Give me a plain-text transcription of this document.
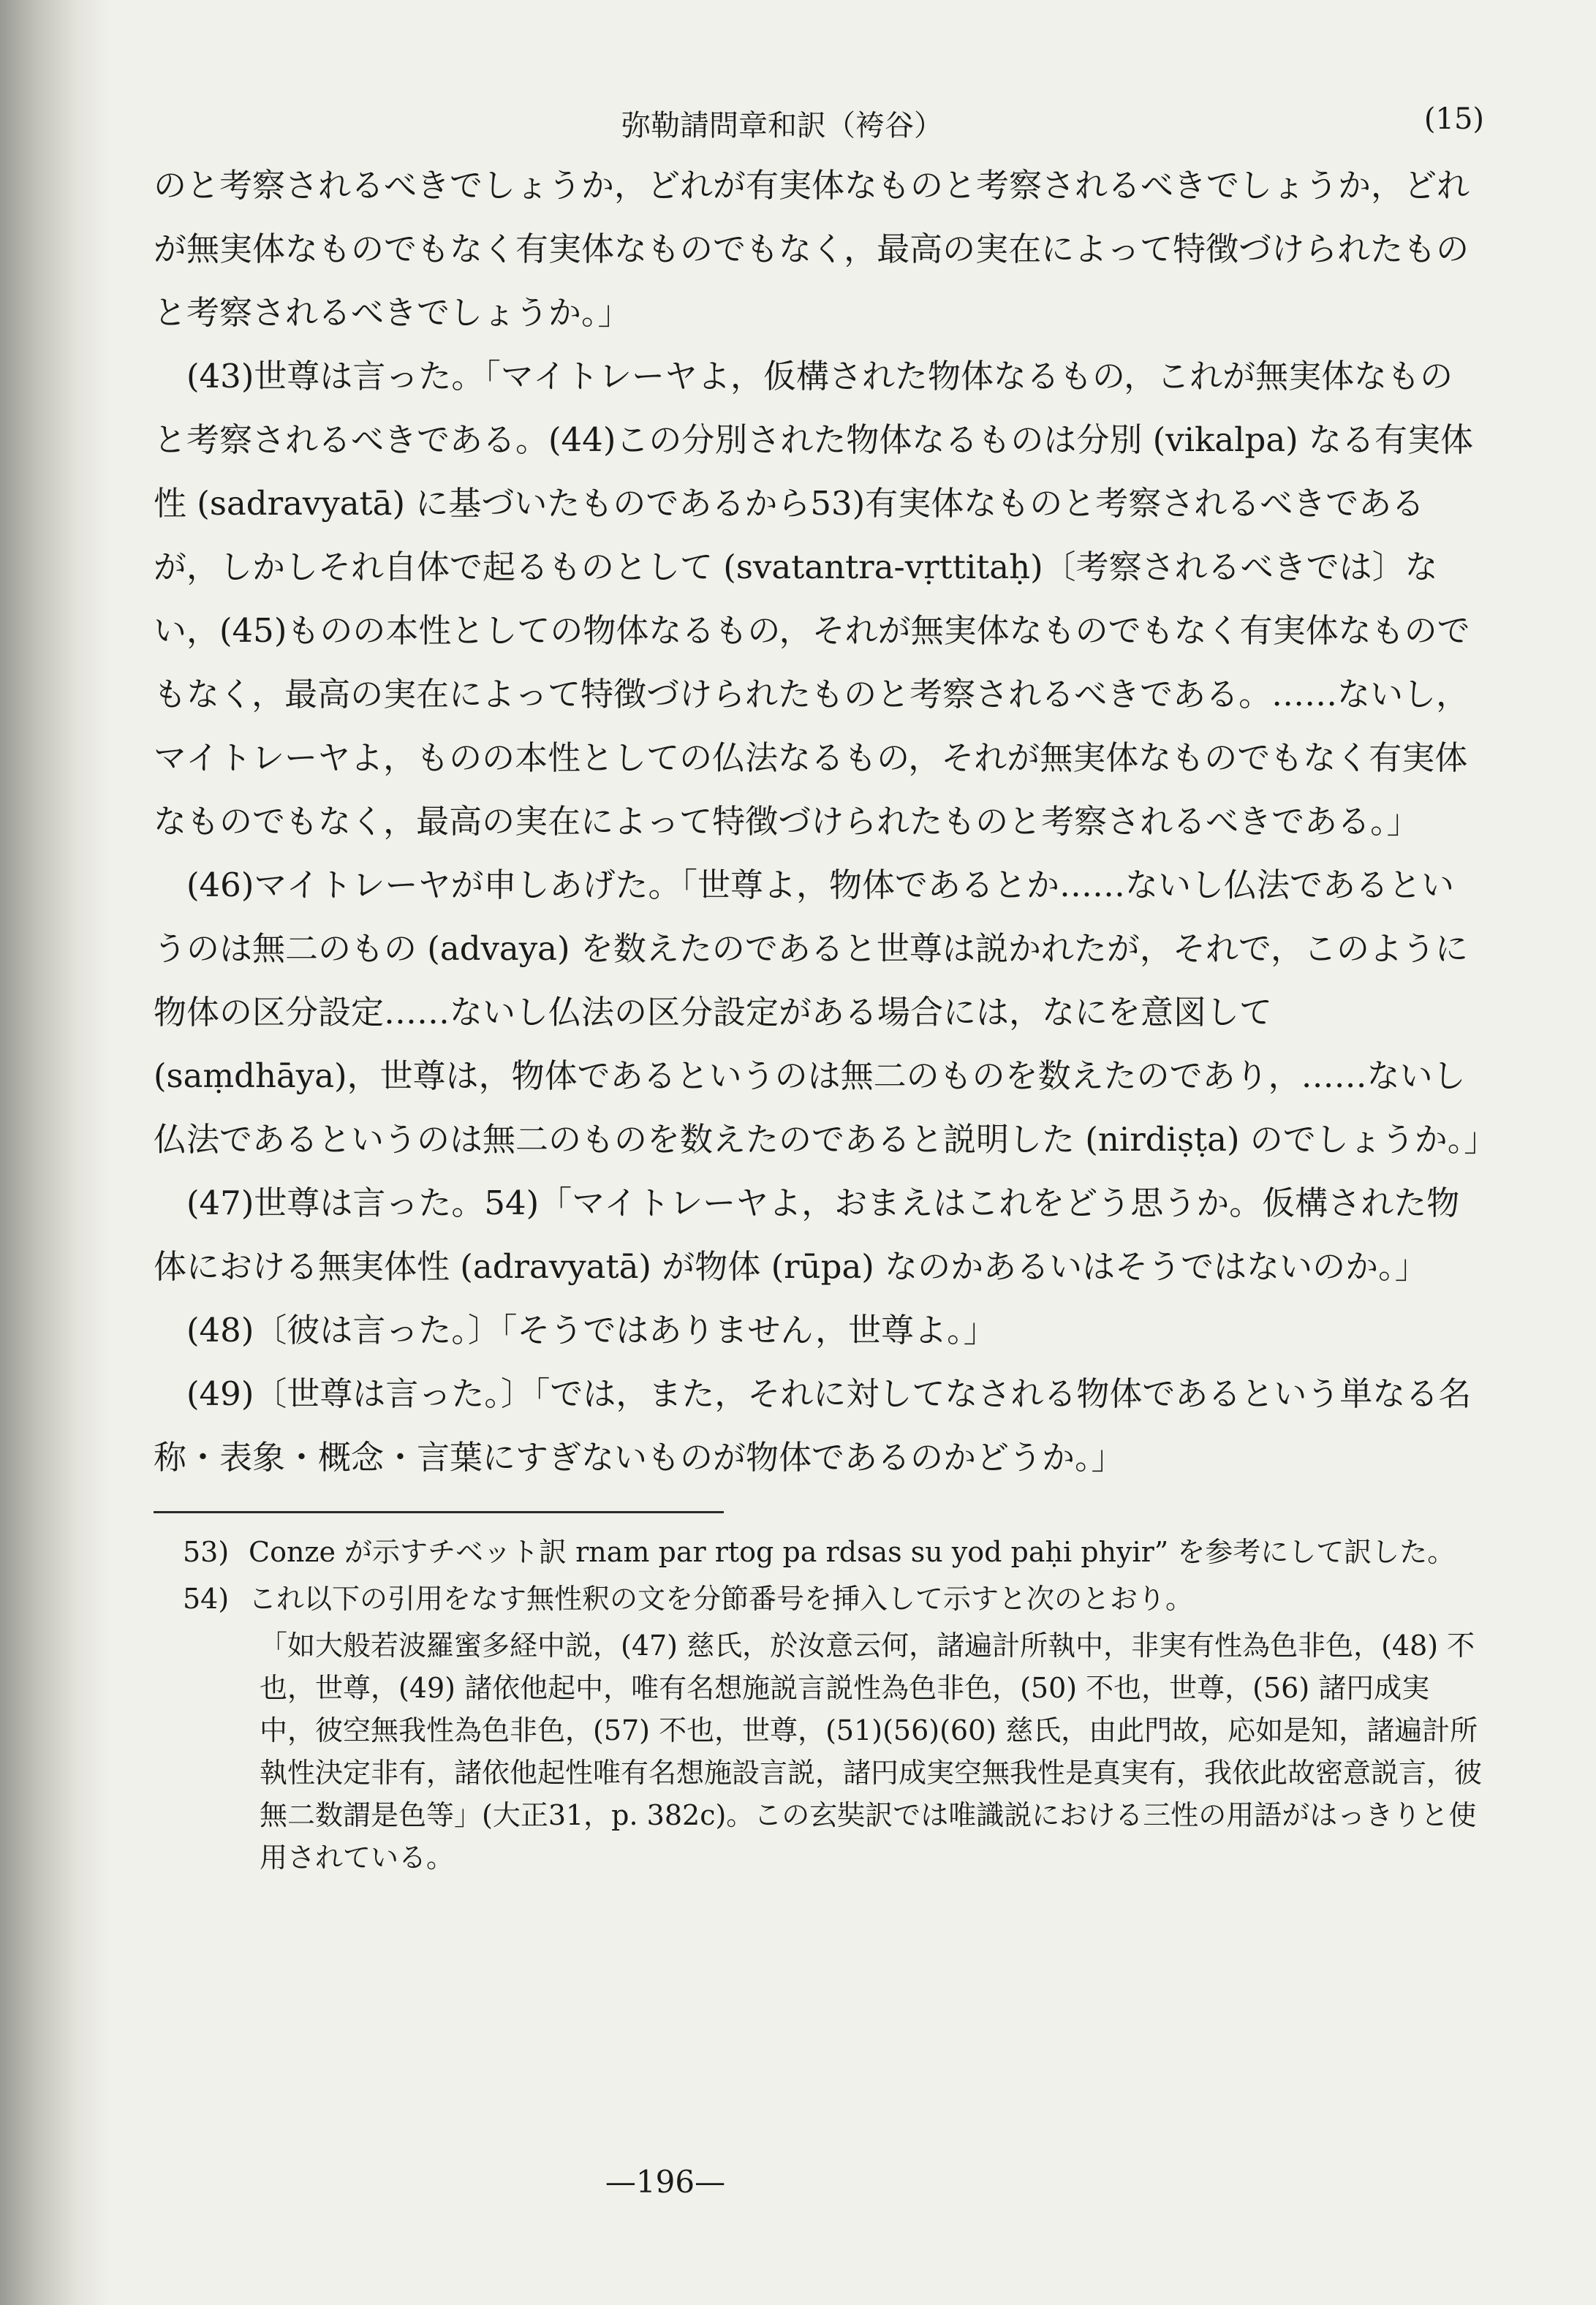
弥勒請問章和訳（袴谷）	(15)

のと考察されるべきでしょうか，どれが有実体なものと考察されるべきでしょうか，どれが無実体なものでもなく有実体なものでもなく，最高の実在によって特徴づけられたものと考察されるべきでしょうか。」

(43)世尊は言った。「マイトレーヤよ，仮構された物体なるもの，これが無実体なものと考察されるべきである。(44)この分別された物体なるものは分別 (vikalpa) なる有実体性 (sadravyatā) に基づいたものであるから53)有実体なものと考察されるべきであるが，しかしそれ自体で起るものとして (svatantra-vṛttitaḥ)〔考察されるべきでは〕ない，(45)ものの本性としての物体なるもの，それが無実体なものでもなく有実体なものでもなく，最高の実在によって特徴づけられたものと考察されるべきである。……ないし，マイトレーヤよ，ものの本性としての仏法なるもの，それが無実体なものでもなく有実体なものでもなく，最高の実在によって特徴づけられたものと考察されるべきである。」

(46)マイトレーヤが申しあげた。「世尊よ，物体であるとか……ないし仏法であるというのは無二のもの (advaya) を数えたのであると世尊は説かれたが，それで，このように物体の区分設定……ないし仏法の区分設定がある場合には，なにを意図して (saṃdhāya)，世尊は，物体であるというのは無二のものを数えたのであり，……ないし仏法であるというのは無二のものを数えたのであると説明した (nirdiṣṭa) のでしょうか。」

(47)世尊は言った。54)「マイトレーヤよ，おまえはこれをどう思うか。仮構された物体における無実体性 (adravyatā) が物体 (rūpa) なのかあるいはそうではないのか。」

(48)〔彼は言った。〕「そうではありません，世尊よ。」

(49)〔世尊は言った。〕「では，また，それに対してなされる物体であるという単なる名称・表象・概念・言葉にすぎないものが物体であるのかどうか。」

53) Conze が示すチベット訳 rnam par rtog pa rdsas su yod paḥi phyir” を参考にして訳した。
54) これ以下の引用をなす無性釈の文を分節番号を挿入して示すと次のとおり。
「如大般若波羅蜜多経中説，(47) 慈氏，於汝意云何，諸遍計所執中，非実有性為色非色，(48) 不也，世尊，(49) 諸依他起中，唯有名想施説言説性為色非色，(50) 不也，世尊，(56) 諸円成実中，彼空無我性為色非色，(57) 不也，世尊，(51)(56)(60) 慈氏，由此門故，応如是知，諸遍計所執性決定非有，諸依他起性唯有名想施設言説，諸円成実空無我性是真実有，我依此故密意説言，彼無二数謂是色等」(大正31，p. 382c)。この玄奘訳では唯識説における三性の用語がはっきりと使用されている。
—196—
